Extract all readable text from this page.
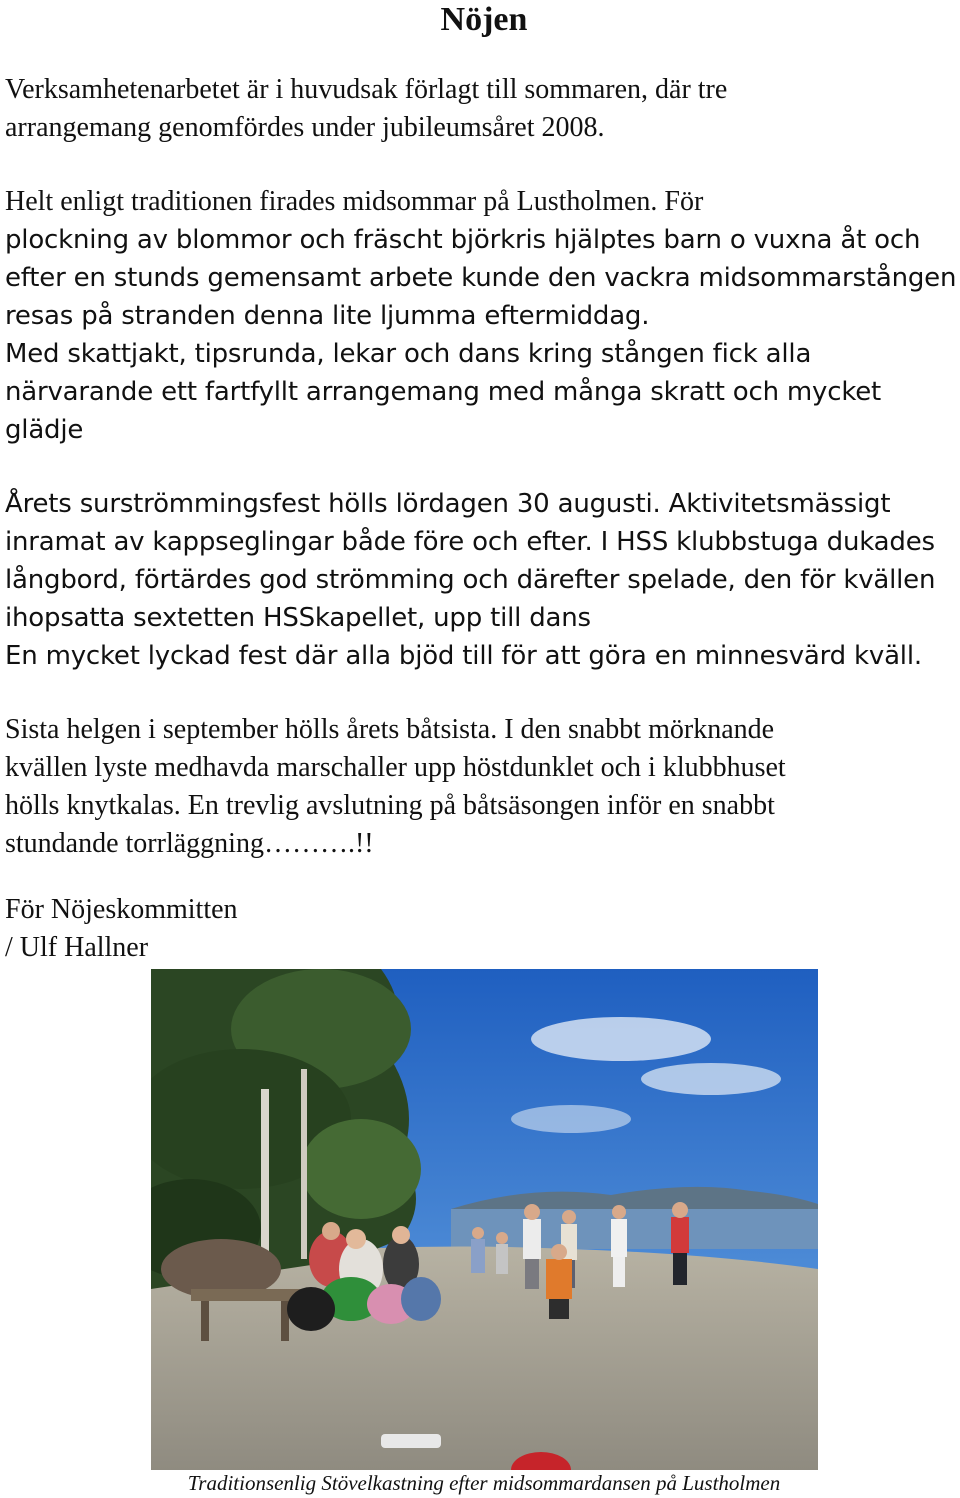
Nöjen

Verksamhetenarbetet är i huvudsak förlagt till sommaren, där tre
arrangemang genomfördes under jubileumsåret 2008.

Helt enligt traditionen firades midsommar på Lustholmen. För
plockning av blommor och fräscht björkris hjälptes barn o vuxna åt och
efter en stunds gemensamt arbete kunde den vackra midsommarstången
resas på stranden denna lite ljumma eftermiddag.
Med skattjakt, tipsrunda, lekar och dans kring stången fick alla
närvarande ett fartfyllt arrangemang med många skratt och mycket
glädje

Årets surströmmingsfest hölls lördagen 30 augusti. Aktivitetsmässigt
inramat av kappseglingar både före och efter. I HSS klubbstuga dukades
långbord, förtärdes god strömming och därefter spelade, den för kvällen
ihopsatta sextetten HSSkapellet, upp till dans
En mycket lyckad fest där alla bjöd till för att göra en minnesvärd kväll.

Sista helgen i september hölls årets båtsista. I den snabbt mörknande
kvällen lyste medhavda marschaller upp höstdunklet och i klubbhuset
hölls knytkalas. En trevlig avslutning på båtsäsongen inför en snabbt
stundande torrläggning……….!!

För Nöjeskommitten
/ Ulf Hallner

Traditionsenlig Stövelkastning efter midsommardansen på Lustholmen
